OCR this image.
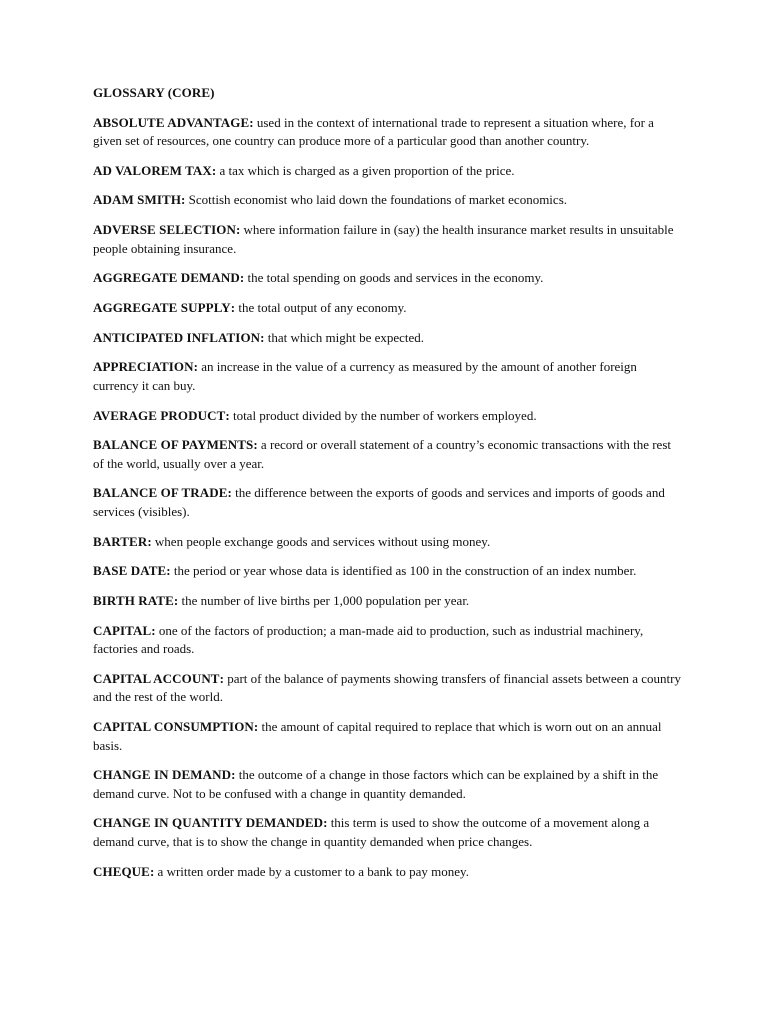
GLOSSARY (CORE)

ABSOLUTE ADVANTAGE: used in the context of international trade to represent a situation where, for a given set of resources, one country can produce more of a particular good than another country.

AD VALOREM TAX: a tax which is charged as a given proportion of the price.

ADAM SMITH: Scottish economist who laid down the foundations of market economics.

ADVERSE SELECTION: where information failure in (say) the health insurance market results in unsuitable people obtaining insurance.

AGGREGATE DEMAND: the total spending on goods and services in the economy.

AGGREGATE SUPPLY: the total output of any economy.

ANTICIPATED INFLATION: that which might be expected.

APPRECIATION: an increase in the value of a currency as measured by the amount of another foreign currency it can buy.

AVERAGE PRODUCT: total product divided by the number of workers employed.

BALANCE OF PAYMENTS: a record or overall statement of a country’s economic transactions with the rest of the world, usually over a year.

BALANCE OF TRADE: the difference between the exports of goods and services and imports of goods and services (visibles).

BARTER: when people exchange goods and services without using money.

BASE DATE: the period or year whose data is identified as 100 in the construction of an index number.

BIRTH RATE: the number of live births per 1,000 population per year.

CAPITAL: one of the factors of production; a man-made aid to production, such as industrial machinery, factories and roads.

CAPITAL ACCOUNT: part of the balance of payments showing transfers of financial assets between a country and the rest of the world.

CAPITAL CONSUMPTION: the amount of capital required to replace that which is worn out on an annual basis.

CHANGE IN DEMAND: the outcome of a change in those factors which can be explained by a shift in the demand curve. Not to be confused with a change in quantity demanded.

CHANGE IN QUANTITY DEMANDED: this term is used to show the outcome of a movement along a demand curve, that is to show the change in quantity demanded when price changes.

CHEQUE: a written order made by a customer to a bank to pay money.
